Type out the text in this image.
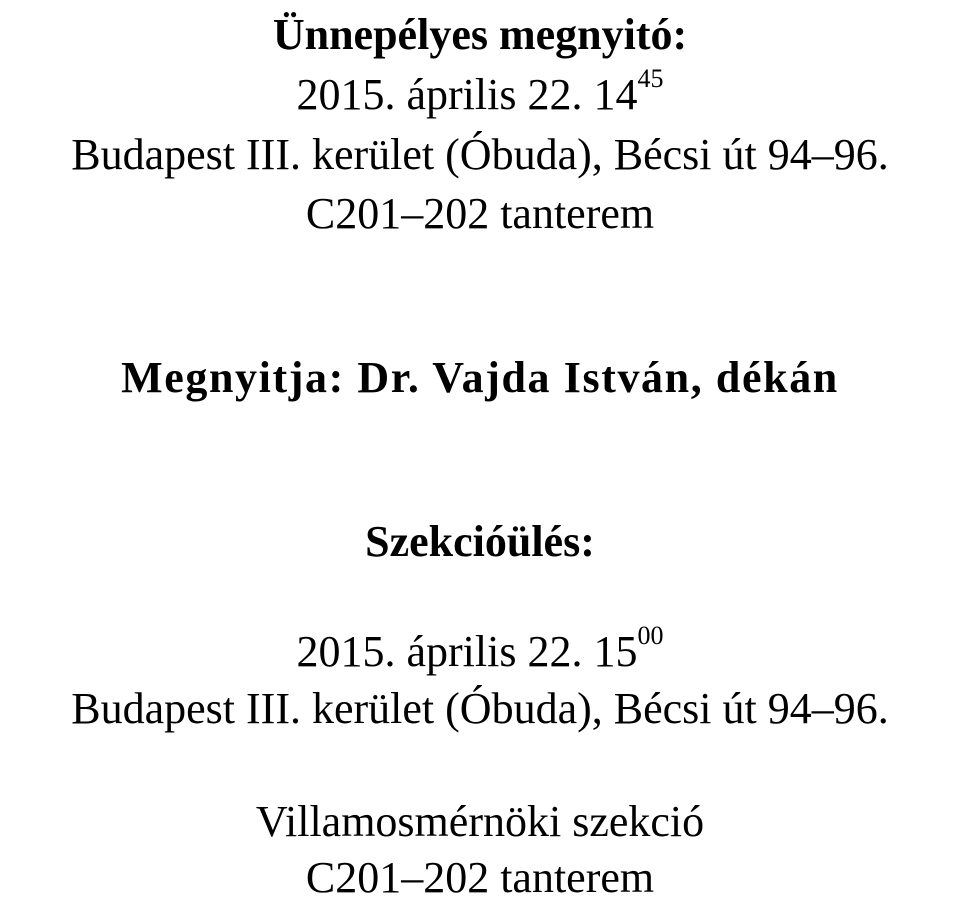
Ünnepélyes megnyitó:
2015. április 22. $14^{45}$
Budapest III. kerület (Óbuda), Bécsi út 94–96.
C201–202 tanterem
Megnyitja: Dr. Vajda István, dékán
Szekcióülés:
2015. április 22. $15^{00}$
Budapest III. kerület (Óbuda), Bécsi út 94–96.
Villamosmérnöki szekció
C201–202 tanterem
